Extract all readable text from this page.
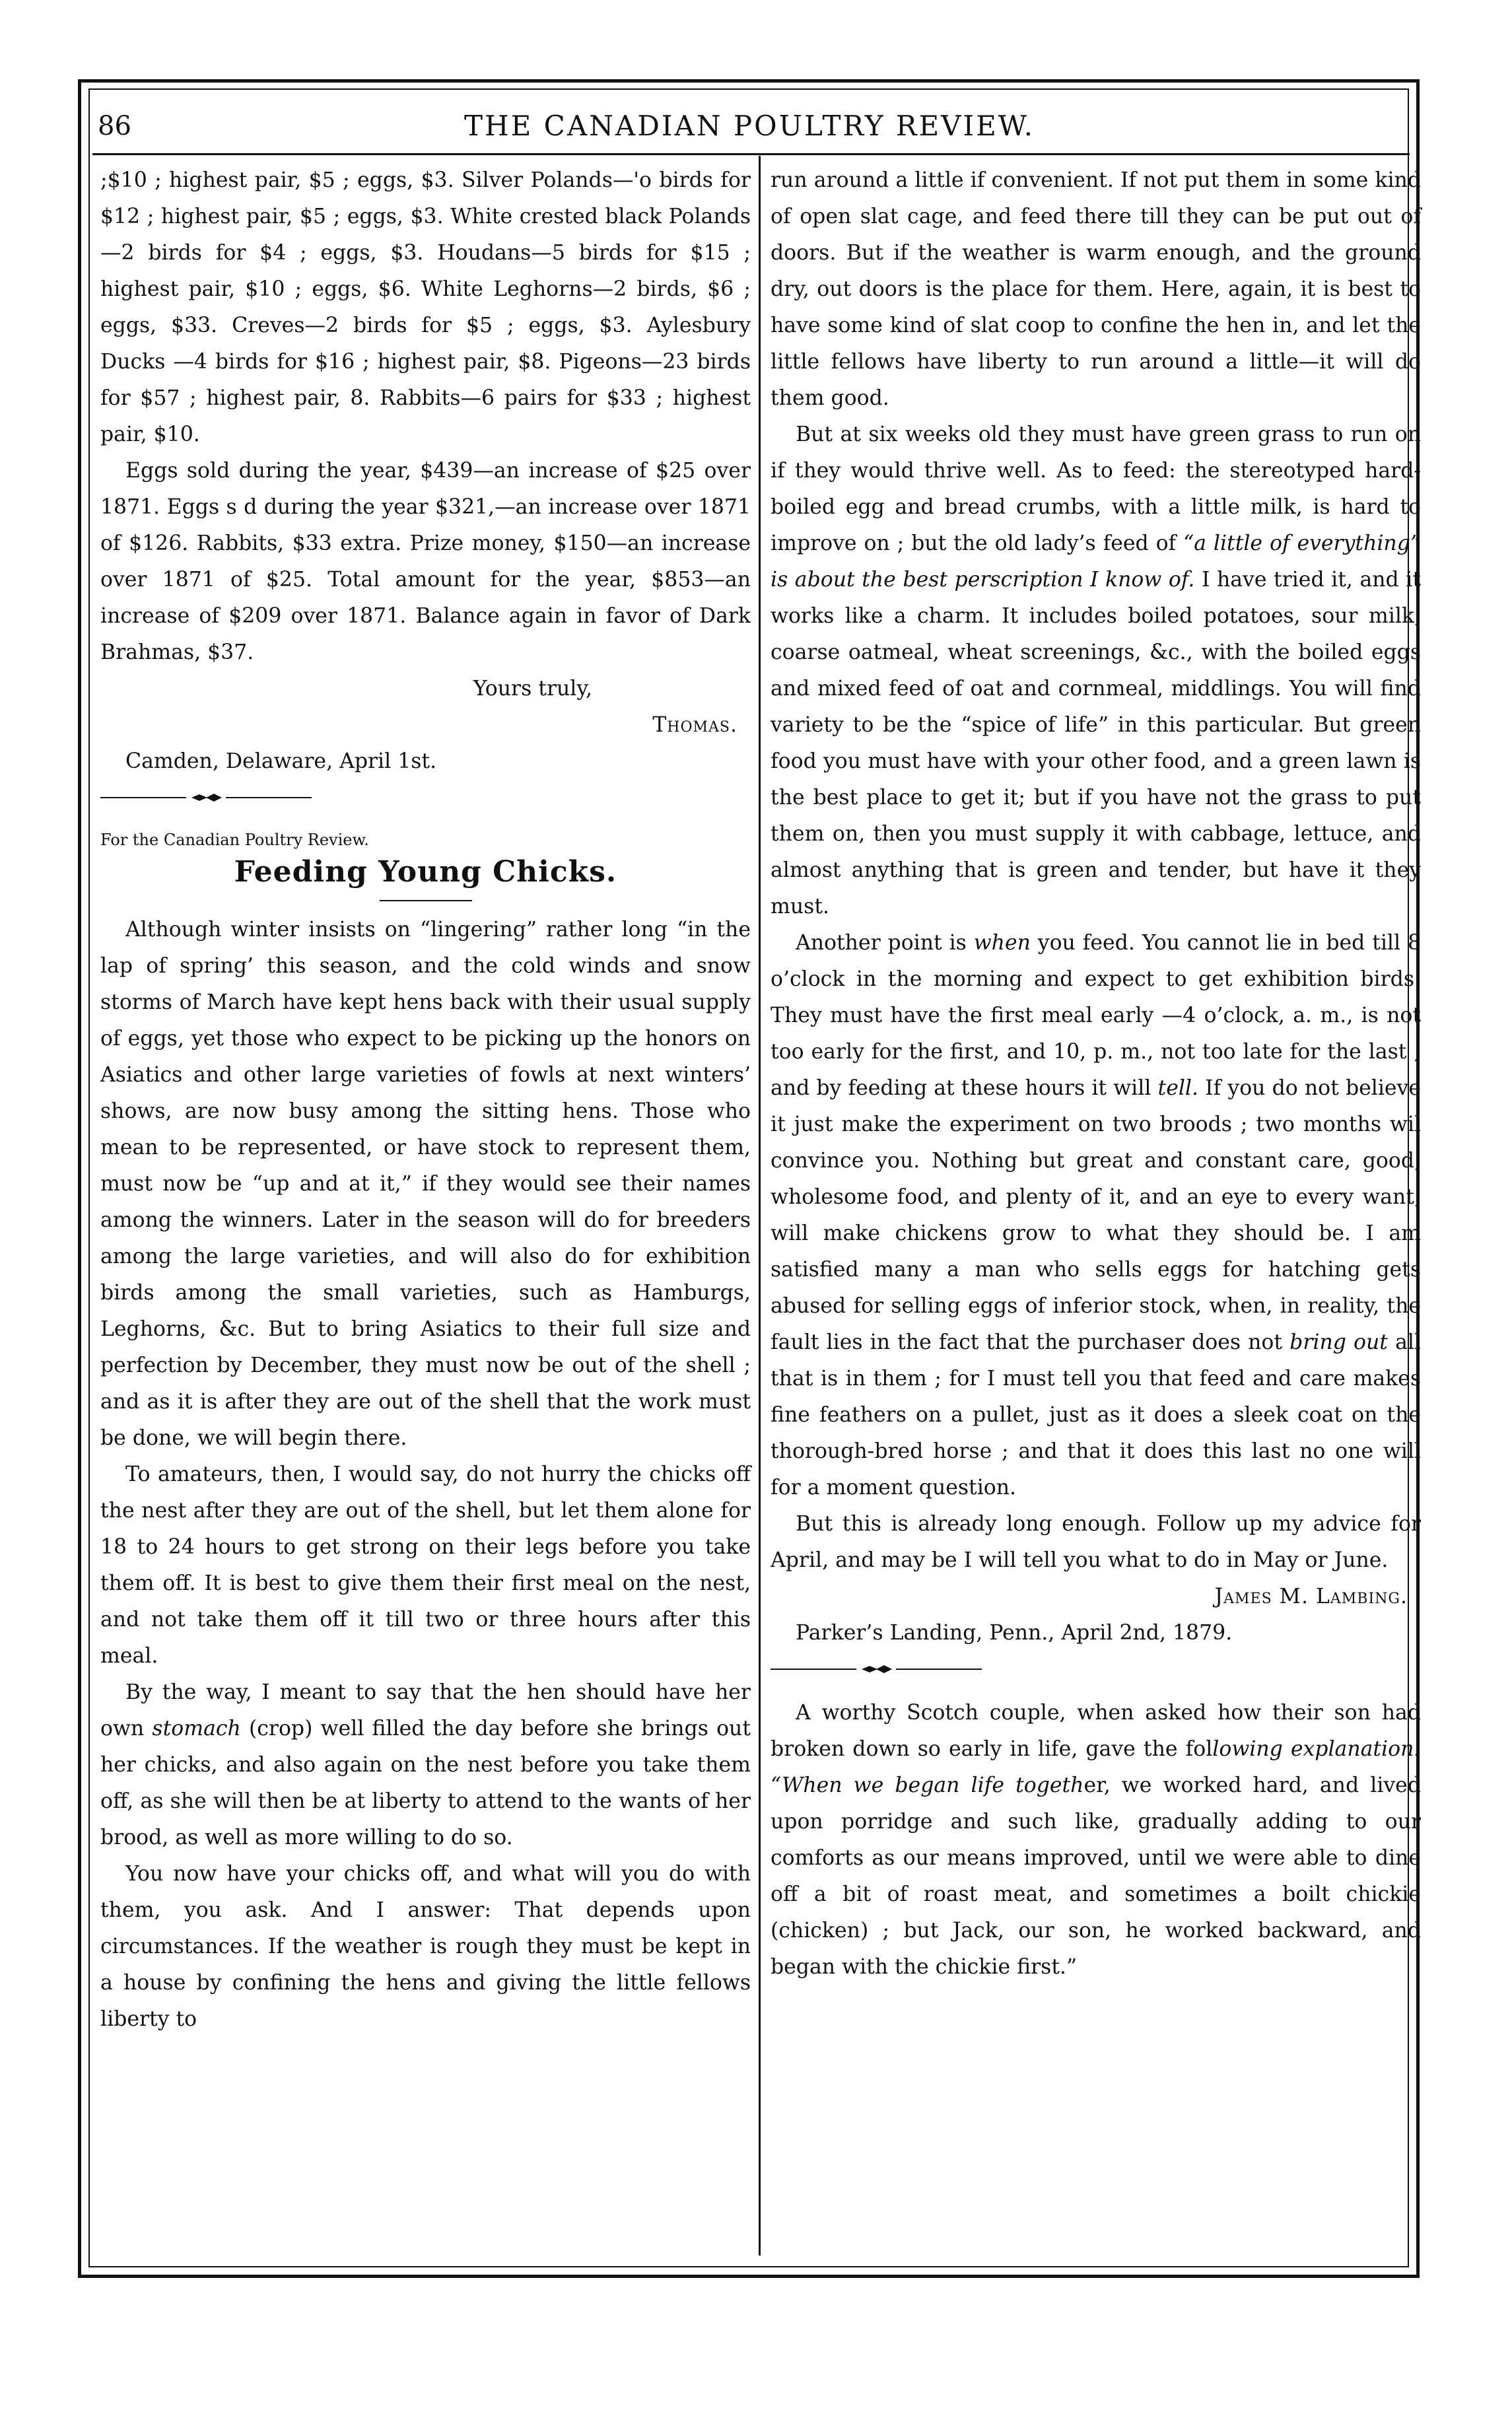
86	THE CANADIAN POULTRY REVIEW.

;$10 ; highest pair, $5 ; eggs, $3. Silver Polands—'o birds for $12 ; highest pair, $5 ; eggs, $3. White crested black Polands—2 birds for $4 ; eggs, $3. Houdans—5 birds for $15 ; highest pair, $10 ; eggs, $6. White Leghorns—2 birds, $6 ; eggs, $33. Creves—2 birds for $5 ; eggs, $3. Aylesbury Ducks —4 birds for $16 ; highest pair, $8. Pigeons—23 birds for $57 ; highest pair, 8. Rabbits—6 pairs for $33 ; highest pair, $10.

Eggs sold during the year, $439—an increase of $25 over 1871. Eggs s d during the year $321,—an increase over 1871 of $126. Rabbits, $33 extra. Prize money, $150—an increase over 1871 of $25. Total amount for the year, $853—an increase of $209 over 1871. Balance again in favor of Dark Brahmas, $37.

Yours truly,

Thomas.

Camden, Delaware, April 1st.

For the Canadian Poultry Review.

Feeding Young Chicks.

Although winter insists on “lingering” rather long “in the lap of spring’ this season, and the cold winds and snow storms of March have kept hens back with their usual supply of eggs, yet those who expect to be picking up the honors on Asiatics and other large varieties of fowls at next winters’ shows, are now busy among the sitting hens. Those who mean to be represented, or have stock to represent them, must now be “up and at it,” if they would see their names among the winners. Later in the season will do for breeders among the large varieties, and will also do for exhibition birds among the small varieties, such as Hamburgs, Leghorns, &c. But to bring Asiatics to their full size and perfection by December, they must now be out of the shell ; and as it is after they are out of the shell that the work must be done, we will begin there.

To amateurs, then, I would say, do not hurry the chicks off the nest after they are out of the shell, but let them alone for 18 to 24 hours to get strong on their legs before you take them off. It is best to give them their first meal on the nest, and not take them off it till two or three hours after this meal.

By the way, I meant to say that the hen should have her own stomach (crop) well filled the day before she brings out her chicks, and also again on the nest before you take them off, as she will then be at liberty to attend to the wants of her brood, as well as more willing to do so.

You now have your chicks off, and what will you do with them, you ask. And I answer: That depends upon circumstances. If the weather is rough they must be kept in a house by confining the hens and giving the little fellows liberty to

run around a little if convenient. If not put them in some kind of open slat cage, and feed there till they can be put out of doors. But if the weather is warm enough, and the ground dry, out doors is the place for them. Here, again, it is best to have some kind of slat coop to confine the hen in, and let the little fellows have liberty to run around a little—it will do them good.

But at six weeks old they must have green grass to run on if they would thrive well. As to feed: the stereotyped hard-boiled egg and bread crumbs, with a little milk, is hard to improve on ; but the old lady’s feed of “a little of everything” is about the best perscription I know of. I have tried it, and it works like a charm. It includes boiled potatoes, sour milk, coarse oatmeal, wheat screenings, &c., with the boiled eggs and mixed feed of oat and cornmeal, middlings. You will find variety to be the “spice of life” in this particular. But green food you must have with your other food, and a green lawn is the best place to get it; but if you have not the grass to put them on, then you must supply it with cabbage, lettuce, and almost anything that is green and tender, but have it they must.

Another point is when you feed. You cannot lie in bed till 8 o’clock in the morning and expect to get exhibition birds. They must have the first meal early —4 o’clock, a. m., is not too early for the first, and 10, p. m., not too late for the last ; and by feeding at these hours it will tell. If you do not believe it just make the experiment on two broods ; two months wil convince you. Nothing but great and constant care, good, wholesome food, and plenty of it, and an eye to every want, will make chickens grow to what they should be. I am satisfied many a man who sells eggs for hatching gets abused for selling eggs of inferior stock, when, in reality, the fault lies in the fact that the purchaser does not bring out all that is in them ; for I must tell you that feed and care makes fine feathers on a pullet, just as it does a sleek coat on the thorough-bred horse ; and that it does this last no one will for a moment question.

But this is already long enough. Follow up my advice for April, and may be I will tell you what to do in May or June.

James M. Lambing.

Parker’s Landing, Penn., April 2nd, 1879.

A worthy Scotch couple, when asked how their son had broken down so early in life, gave the following explanation: “When we began life together, we worked hard, and lived upon porridge and such like, gradually adding to our comforts as our means improved, until we were able to dine off a bit of roast meat, and sometimes a boilt chickie (chicken) ; but Jack, our son, he worked backward, and began with the chickie first.”
